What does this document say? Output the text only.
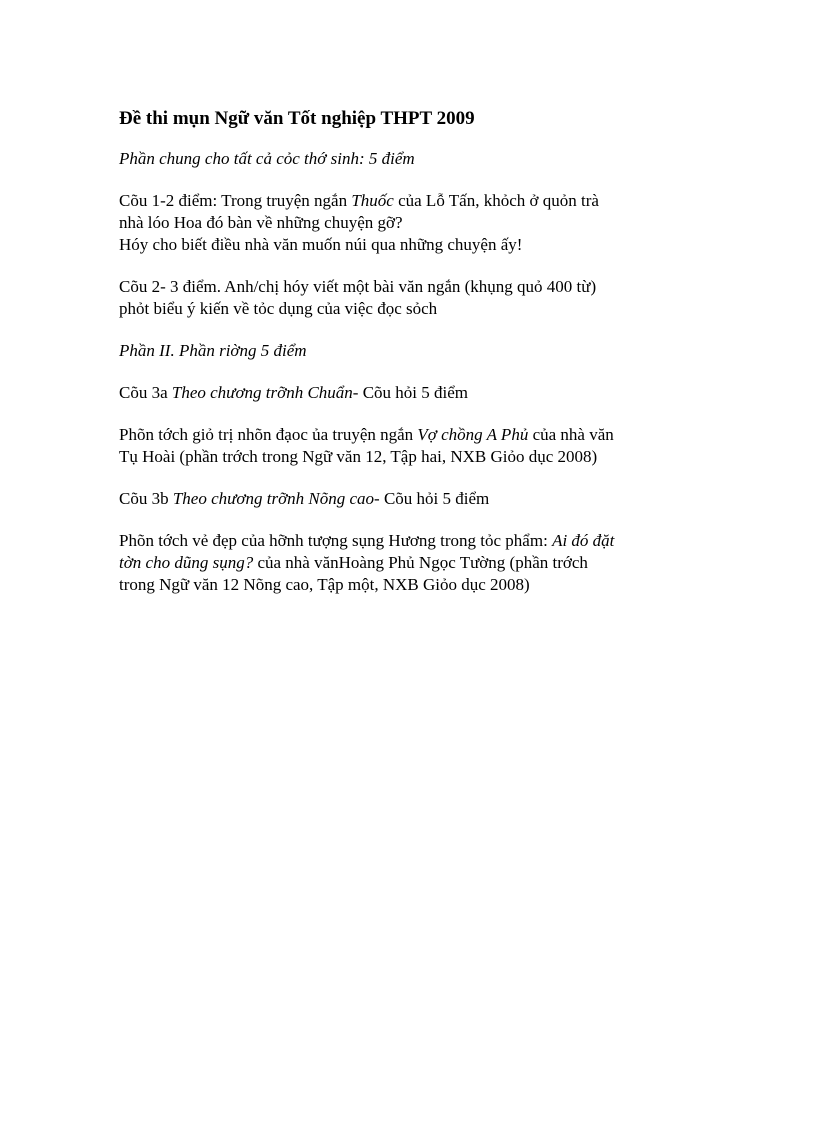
Đề thi mụn Ngữ văn Tốt nghiệp THPT 2009
Phần chung cho tất cả cỏc thớ sinh: 5 điểm
Cõu 1-2 điểm: Trong truyện ngắn Thuốc của Lỗ Tấn, khỏch ở quỏn trà
nhà lóo Hoa đó bàn về những chuyện gỡ?
Hóy cho biết điều nhà văn muốn núi qua những chuyện ấy!
Cõu 2- 3 điểm. Anh/chị hóy viết một bài văn ngắn (khụng quỏ 400 từ)
phỏt biểu ý kiến về tỏc dụng của việc đọc sỏch
Phần II. Phần riờng 5 điểm
Cõu 3a Theo chương trỡnh Chuẩn- Cõu hỏi 5 điểm
Phõn tớch giỏ trị nhõn đạoc ủa truyện ngắn Vợ chồng A Phủ của nhà văn
Tụ Hoài (phần trớch trong Ngữ văn 12, Tập hai, NXB Giỏo dục 2008)
Cõu 3b Theo chương trỡnh Nõng cao- Cõu hỏi 5 điểm
Phõn tớch vẻ đẹp của hỡnh tượng sụng Hương trong tỏc phẩm: Ai đó đặt
tờn cho dũng sụng? của nhà vănHoàng Phủ Ngọc Tường (phần trớch
trong Ngữ văn 12 Nõng cao, Tập một, NXB Giỏo dục 2008)
